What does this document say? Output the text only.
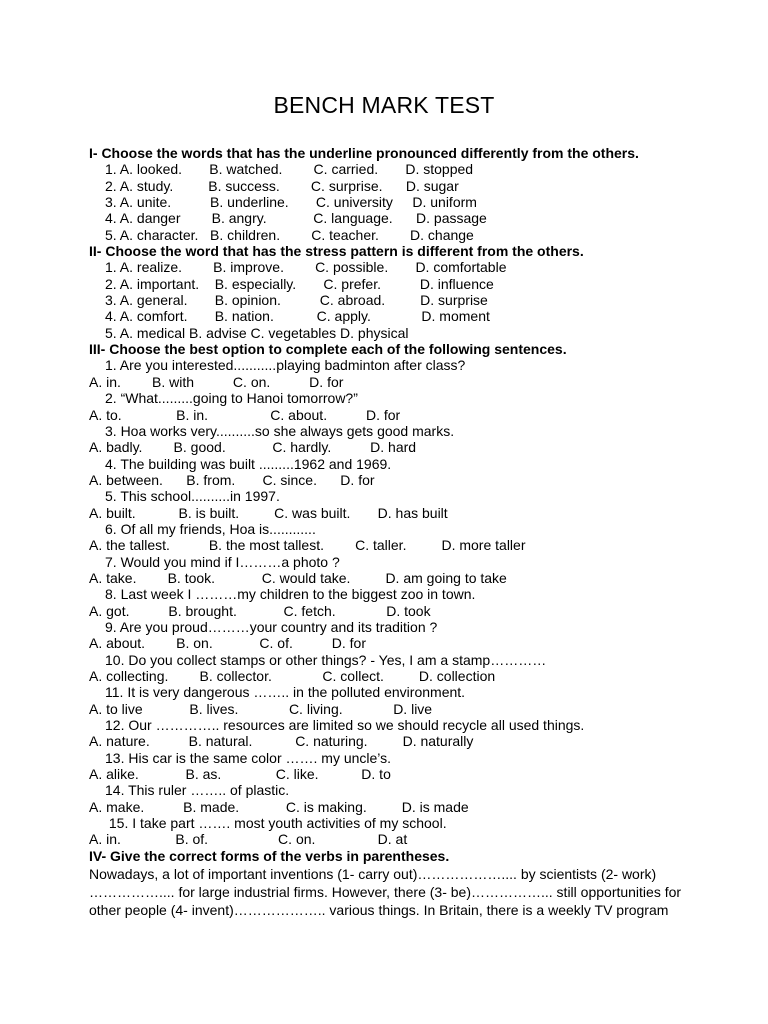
BENCH MARK TEST
I- Choose the words that has the underline pronounced differently from the others.
1. A. looked.       B. watched.        C. carried.       D. stopped
2. A. study.         B. success.        C. surprise.      D. sugar
3. A. unite.          B. underline.       C. university     D. uniform
4. A. danger        B. angry.            C. language.      D. passage
5. A. character.   B. children.        C. teacher.        D. change
II- Choose the word that has the stress pattern is different from the others.
1. A. realize.        B. improve.        C. possible.       D. comfortable
2. A. important.    B. especially.       C. prefer.          D. influence
3. A. general.       B. opinion.          C. abroad.         D. surprise
4. A. comfort.       B. nation.           C. apply.             D. moment
5. A. medical B. advise C. vegetables D. physical
III- Choose the best option to complete each of the following sentences.
1. Are you interested...........playing badminton after class?
A. in.        B. with          C. on.          D. for
2. “What.........going to Hanoi tomorrow?”
A. to.              B. in.                C. about.          D. for
3. Hoa works very..........so she always gets good marks.
A. badly.        B. good.            C. hardly.          D. hard
4. The building was built .........1962 and 1969.
A. between.      B. from.       C. since.      D. for
5. This school..........in 1997.
A. built.           B. is built.         C. was built.       D. has built
6. Of all my friends, Hoa is............
A. the tallest.          B. the most tallest.        C. taller.         D. more taller
7. Would you mind if I………a photo ?
A. take.        B. took.            C. would take.         D. am going to take
8. Last week I ………my children to the biggest zoo in town.
A. got.          B. brought.            C. fetch.             D. took
9. Are you proud………your country and its tradition ?
A. about.        B. on.            C. of.          D. for
10. Do you collect stamps or other things? - Yes, I am a stamp…………
A. collecting.        B. collector.             C. collect.         D. collection
11. It is very dangerous …….. in the polluted environment.
A. to live            B. lives.             C. living.             D. live
12. Our ………….. resources are limited so we should recycle all used things.
A. nature.          B. natural.           C. naturing.         D. naturally
13. His car is the same color ……. my uncle’s.
A. alike.            B. as.              C. like.           D. to
14. This ruler …….. of plastic.
A. make.          B. made.            C. is making.         D. is made
15. I take part ……. most youth activities of my school.
A. in.              B. of.                  C. on.                D. at
IV- Give the correct forms of the verbs in parentheses.
Nowadays, a lot of important inventions (1- carry out)……………….... by scientists (2- work)
…………….... for large industrial firms. However, there (3- be)……………... still opportunities for
other people (4- invent)……………….. various things. In Britain, there is a weekly TV program
